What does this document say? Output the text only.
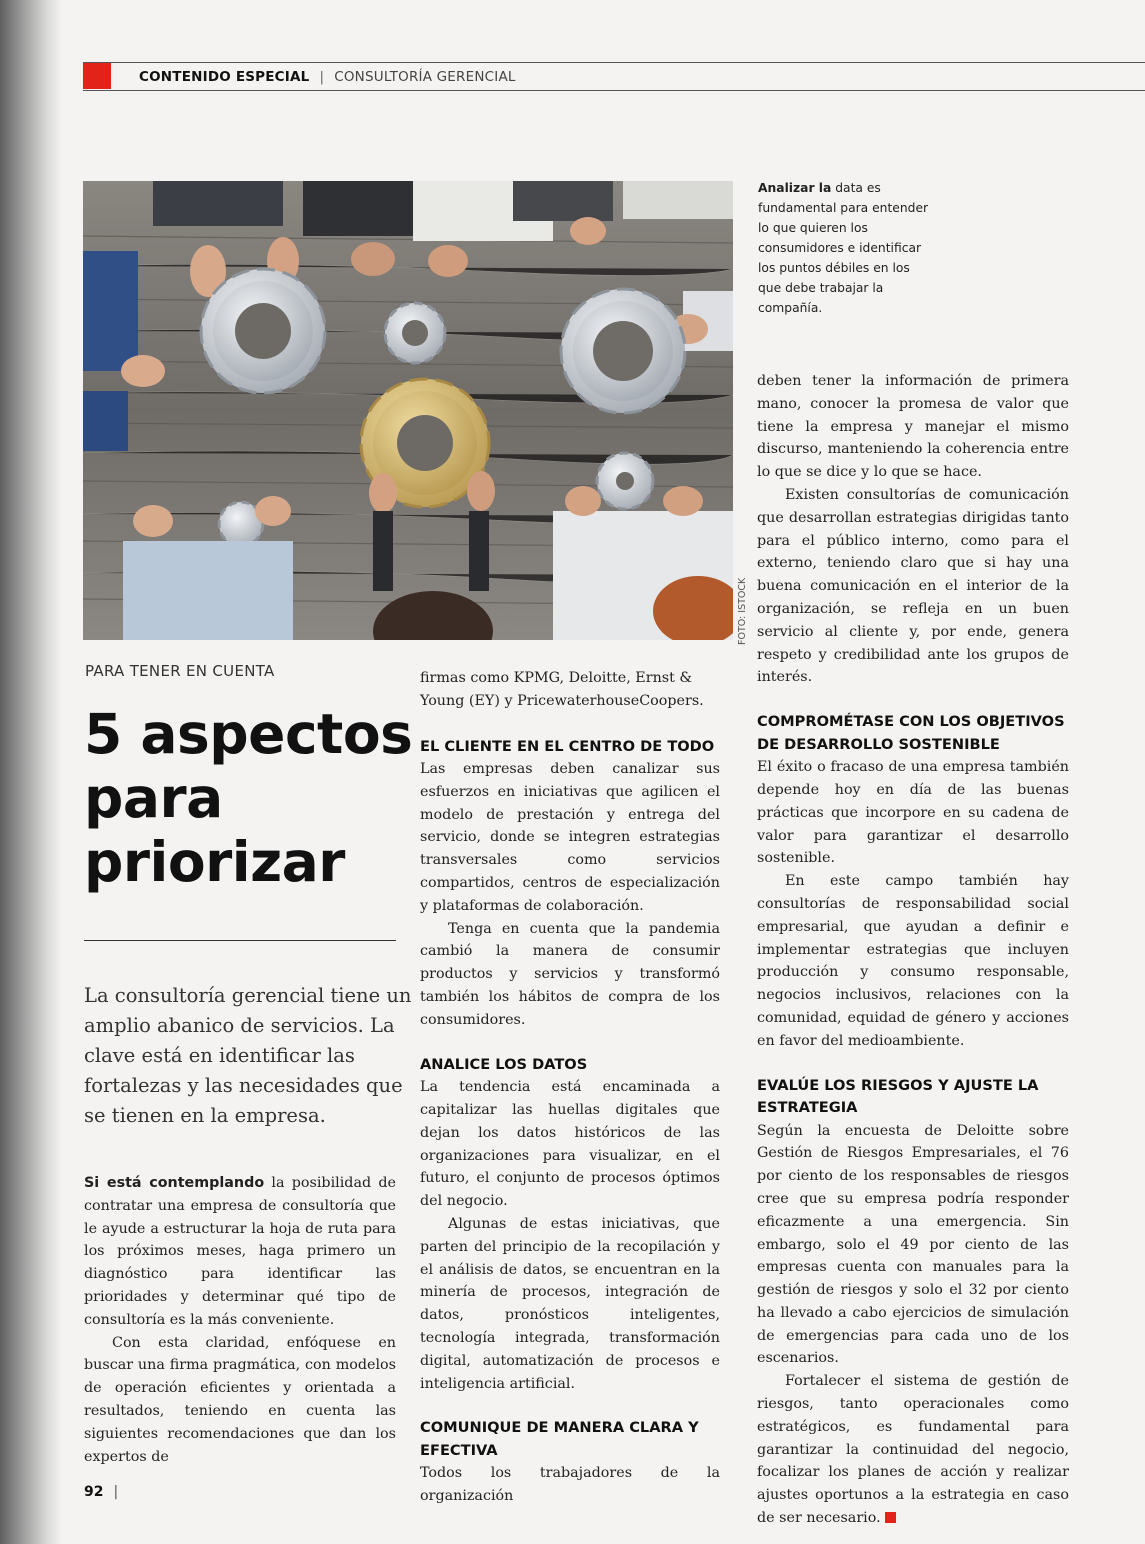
CONTENIDO ESPECIAL | CONSULTORÍA GERENCIAL
FOTO: ISTOCK
Analizar la data es fundamental para entender lo que quieren los consumidores e identificar los puntos débiles en los que debe trabajar la compañía.
PARA TENER EN CUENTA
5 aspectos para priorizar
La consultoría gerencial tiene un amplio abanico de servicios. La clave está en identificar las fortalezas y las necesidades que se tienen en la empresa.

Si está contemplando la posibilidad de contratar una empresa de consultoría que le ayude a estructurar la hoja de ruta para los próximos meses, haga primero un diagnóstico para identificar las prioridades y determinar qué tipo de consultoría es la más conveniente.

Con esta claridad, enfóquese en buscar una firma pragmática, con modelos de operación eficientes y orientada a resultados, teniendo en cuenta las siguientes recomendaciones que dan los expertos de

firmas como KPMG, Deloitte, Ernst & Young (EY) y PricewaterhouseCoopers.

EL CLIENTE EN EL CENTRO DE TODO

Las empresas deben canalizar sus esfuerzos en iniciativas que agilicen el modelo de prestación y entrega del servicio, donde se integren estrategias transversales como servicios compartidos, centros de especialización y plataformas de colaboración.

Tenga en cuenta que la pandemia cambió la manera de consumir productos y servicios y transformó también los hábitos de compra de los consumidores.

ANALICE LOS DATOS

La tendencia está encaminada a capitalizar las huellas digitales que dejan los datos históricos de las organizaciones para visualizar, en el futuro, el conjunto de procesos óptimos del negocio.

Algunas de estas iniciativas, que parten del principio de la recopilación y el análisis de datos, se encuentran en la minería de procesos, integración de datos, pronósticos inteligentes, tecnología integrada, transformación digital, automatización de procesos e inteligencia artificial.

COMUNIQUE DE MANERA CLARA Y EFECTIVA

Todos los trabajadores de la organización

deben tener la información de primera mano, conocer la promesa de valor que tiene la empresa y manejar el mismo discurso, manteniendo la coherencia entre lo que se dice y lo que se hace.

Existen consultorías de comunicación que desarrollan estrategias dirigidas tanto para el público interno, como para el externo, teniendo claro que si hay una buena comunicación en el interior de la organización, se refleja en un buen servicio al cliente y, por ende, genera respeto y credibilidad ante los grupos de interés.

COMPROMÉTASE CON LOS OBJETIVOS DE DESARROLLO SOSTENIBLE

El éxito o fracaso de una empresa también depende hoy en día de las buenas prácticas que incorpore en su cadena de valor para garantizar el desarrollo sostenible.

En este campo también hay consultorías de responsabilidad social empresarial, que ayudan a definir e implementar estrategias que incluyen producción y consumo responsable, negocios inclusivos, relaciones con la comunidad, equidad de género y acciones en favor del medioambiente.

EVALÚE LOS RIESGOS Y AJUSTE LA ESTRATEGIA

Según la encuesta de Deloitte sobre Gestión de Riesgos Empresariales, el 76 por ciento de los responsables de riesgos cree que su empresa podría responder eficazmente a una emergencia. Sin embargo, solo el 49 por ciento de las empresas cuenta con manuales para la gestión de riesgos y solo el 32 por ciento ha llevado a cabo ejercicios de simulación de emergencias para cada uno de los escenarios.

Fortalecer el sistema de gestión de riesgos, tanto operacionales como estratégicos, es fundamental para garantizar la continuidad del negocio, focalizar los planes de acción y realizar ajustes oportunos a la estrategia en caso de ser necesario.

92 |
